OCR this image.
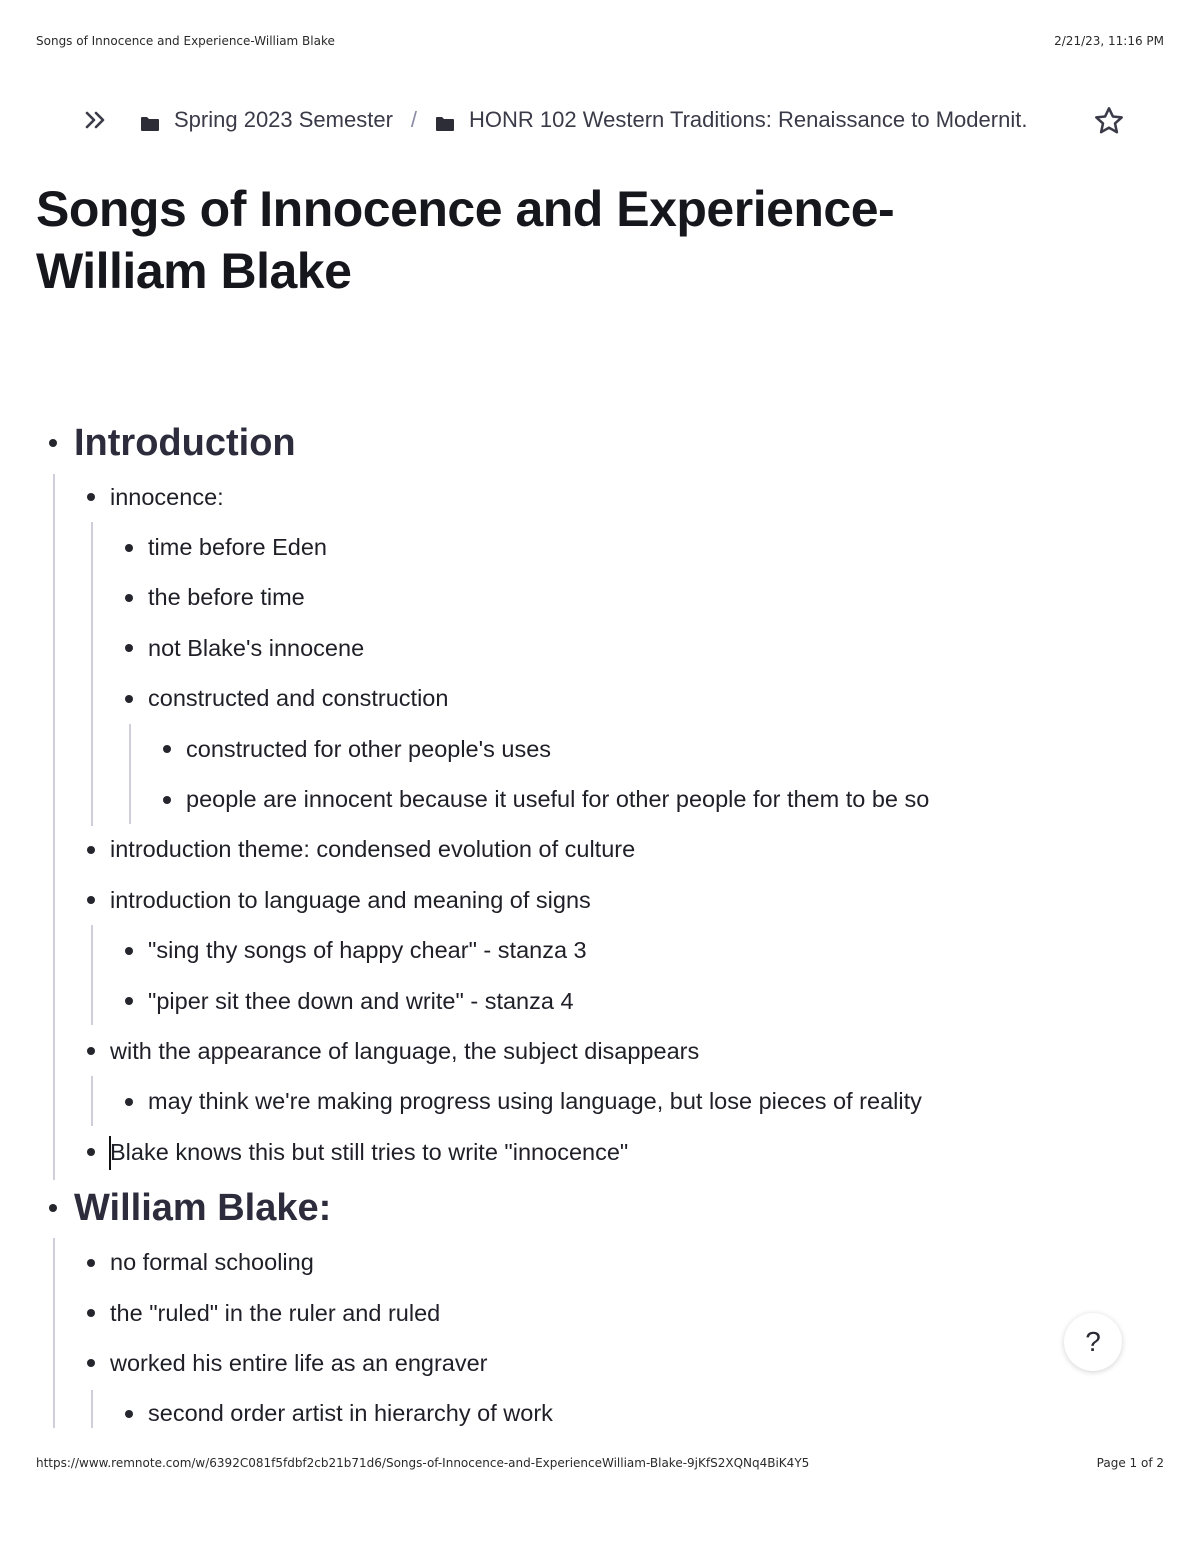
Songs of Innocence and Experience-William Blake	2/21/23, 11:16 PM
Spring 2023 Semester / HONR 102 Western Traditions: Renaissance to Modernit .
Songs of Innocence and Experience-
William Blake
Introduction
innocence:
time before Eden
the before time
not Blake's innocene
constructed and construction
constructed for other people's uses
people are innocent because it useful for other people for them to be so
introduction theme: condensed evolution of culture
introduction to language and meaning of signs
"sing thy songs of happy chear" - stanza 3
"piper sit thee down and write" - stanza 4
with the appearance of language, the subject disappears
may think we're making progress using language, but lose pieces of reality
Blake knows this but still tries to write "innocence"
William Blake:
no formal schooling
the "ruled" in the ruler and ruled
worked his entire life as an engraver
second order artist in hierarchy of work
?
https://www.remnote.com/w/6392C081f5fdbf2cb21b71d6/Songs-of-Innocence-and-ExperienceWilliam-Blake-9jKfS2XQNq4BiK4Y5	Page 1 of 2
